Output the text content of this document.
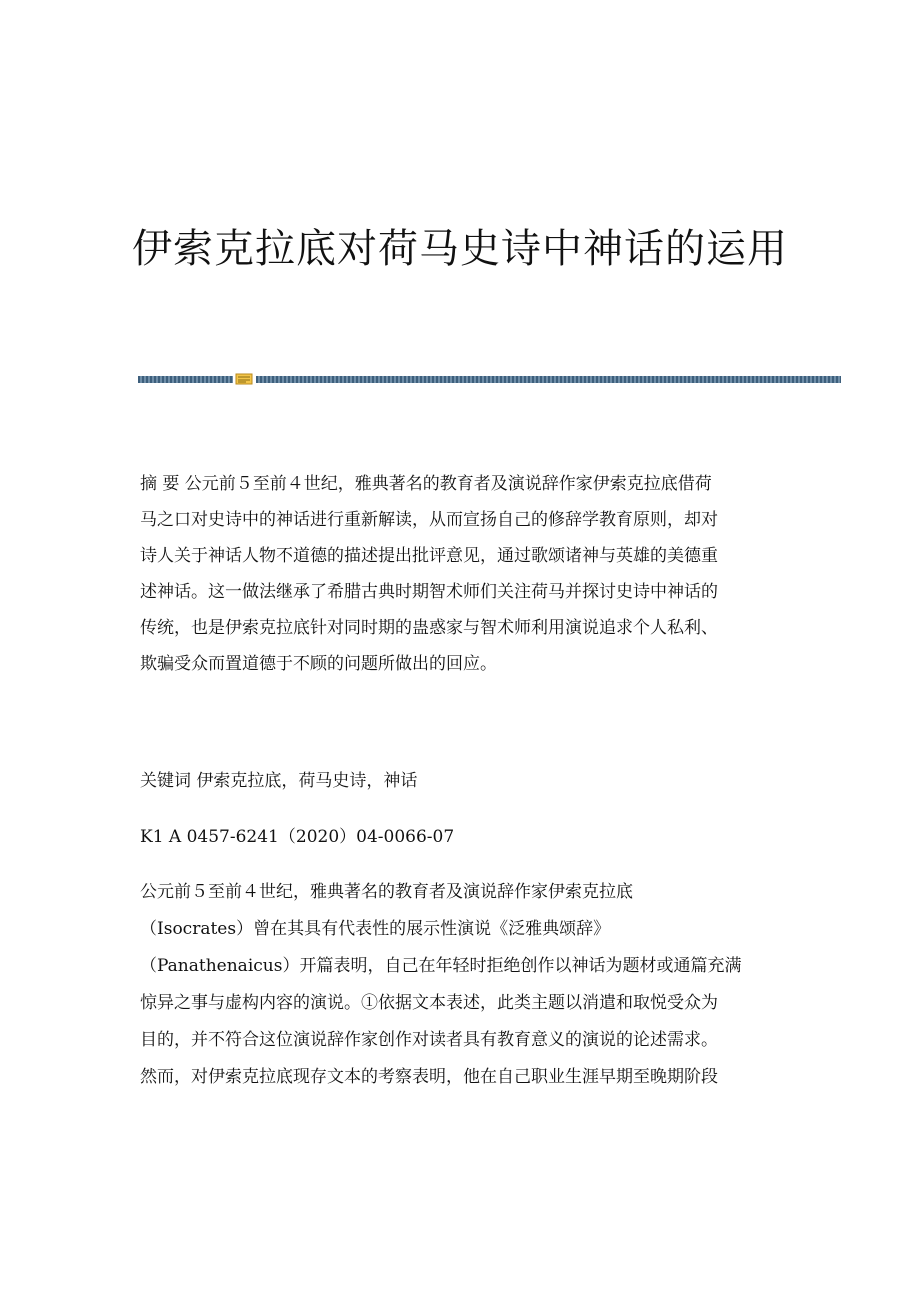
伊索克拉底对荷马史诗中神话的运用
摘 要 公元前５至前４世纪，雅典著名的教育者及演说辞作家伊索克拉底借荷
马之口对史诗中的神话进行重新解读，从而宣扬自己的修辞学教育原则，却对
诗人关于神话人物不道德的描述提出批评意见，通过歌颂诸神与英雄的美德重
述神话。这一做法继承了希腊古典时期智术师们关注荷马并探讨史诗中神话的
传统，也是伊索克拉底针对同时期的蛊惑家与智术师利用演说追求个人私利、
欺骗受众而置道德于不顾的问题所做出的回应。
关键词 伊索克拉底，荷马史诗，神话
K1 A 0457-6241（2020）04-0066-07
公元前５至前４世纪，雅典著名的教育者及演说辞作家伊索克拉底
（Isocrates）曾在其具有代表性的展示性演说《泛雅典颂辞》
（Panathenaicus）开篇表明，自己在年轻时拒绝创作以神话为题材或通篇充满
惊异之事与虚构内容的演说。①依据文本表述，此类主题以消遣和取悦受众为
目的，并不符合这位演说辞作家创作对读者具有教育意义的演说的论述需求。
然而，对伊索克拉底现存文本的考察表明，他在自己职业生涯早期至晚期阶段
